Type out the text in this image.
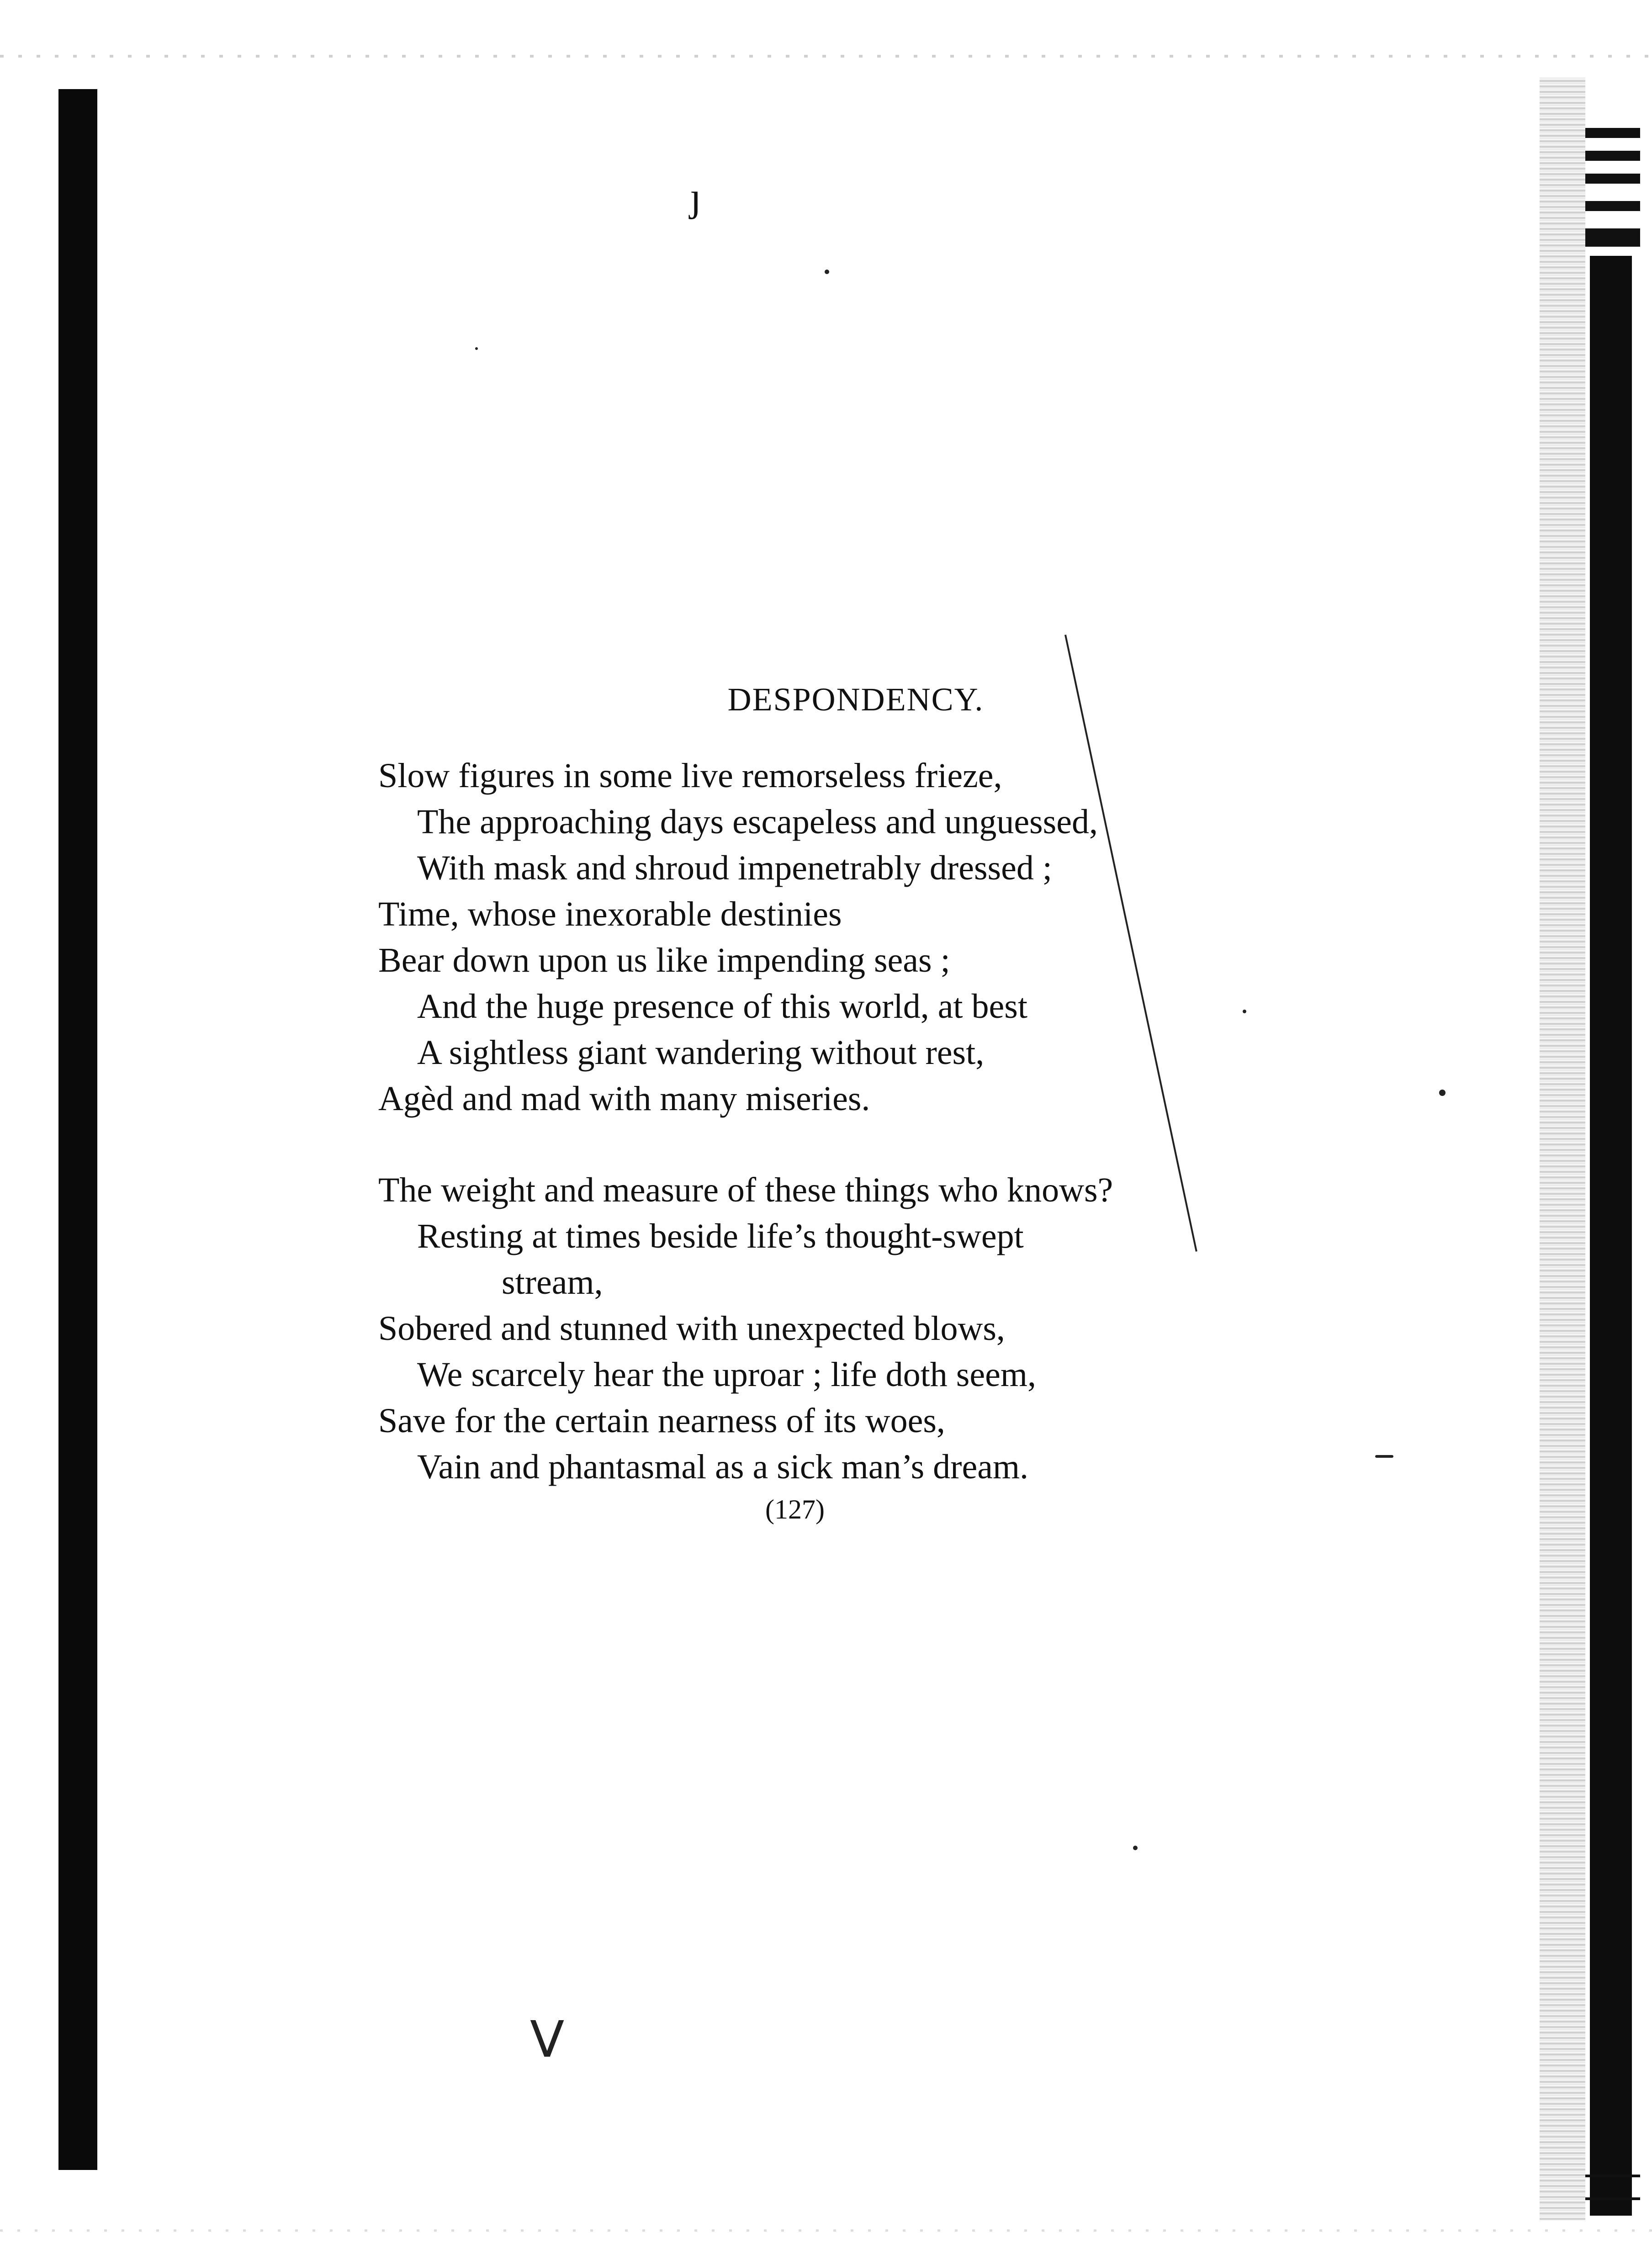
ȷ
DESPONDENCY.
Slow figures in some live remorseless frieze,
The approaching days escapeless and unguessed,
With mask and shroud impenetrably dressed ;
Time, whose inexorable destinies
Bear down upon us like impending seas ;
And the huge presence of this world, at best
A sightless giant wandering without rest,
Agèd and mad with many miseries.
The weight and measure of these things who knows?
Resting at times beside life’s thought-swept
stream,
Sobered and stunned with unexpected blows,
We scarcely hear the uproar ; life doth seem,
Save for the certain nearness of its woes,
Vain and phantasmal as a sick man’s dream.
(127)
V
